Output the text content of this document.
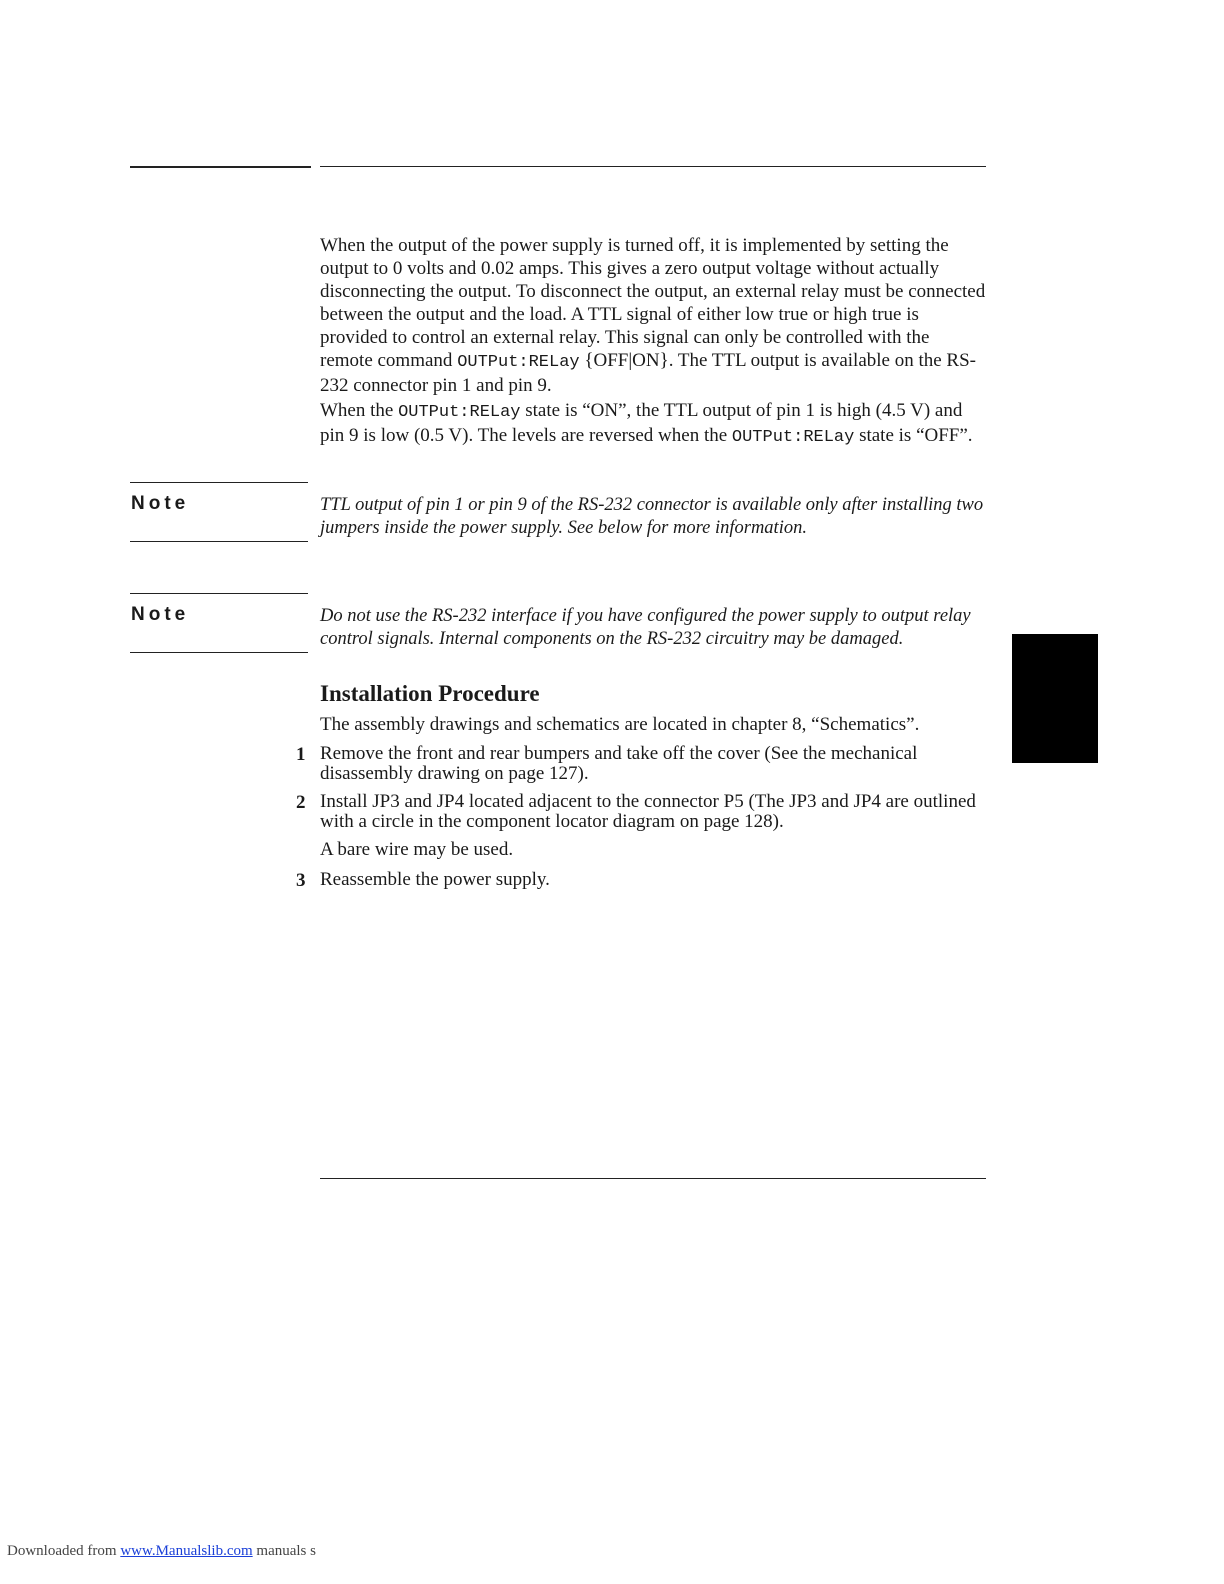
When the output of the power supply is turned off, it is implemented by setting the output to 0 volts and 0.02 amps. This gives a zero output voltage without actually disconnecting the output. To disconnect the output, an external relay must be connected between the output and the load. A TTL signal of either low true or high true is provided to control an external relay. This signal can only be controlled with the remote command OUTPut:RELay {OFF|ON}. The TTL output is available on the RS-232 connector pin 1 and pin 9.

When the OUTPut:RELay state is “ON”, the TTL output of pin 1 is high (4.5 V) and pin 9 is low (0.5 V). The levels are reversed when the OUTPut:RELay state is “OFF”.

Note	TTL output of pin 1 or pin 9 of the RS-232 connector is available only after installing two jumpers inside the power supply. See below for more information.

Note	Do not use the RS-232 interface if you have configured the power supply to output relay control signals. Internal components on the RS-232 circuitry may be damaged.

Installation Procedure

The assembly drawings and schematics are located in chapter 8, “Schematics”.

1 Remove the front and rear bumpers and take off the cover (See the mechanical disassembly drawing on page 127).

2 Install JP3 and JP4 located adjacent to the connector P5 (The JP3 and JP4 are outlined with a circle in the component locator diagram on page 128).

A bare wire may be used.

3 Reassemble the power supply.

Downloaded from www.Manualslib.com manuals s
